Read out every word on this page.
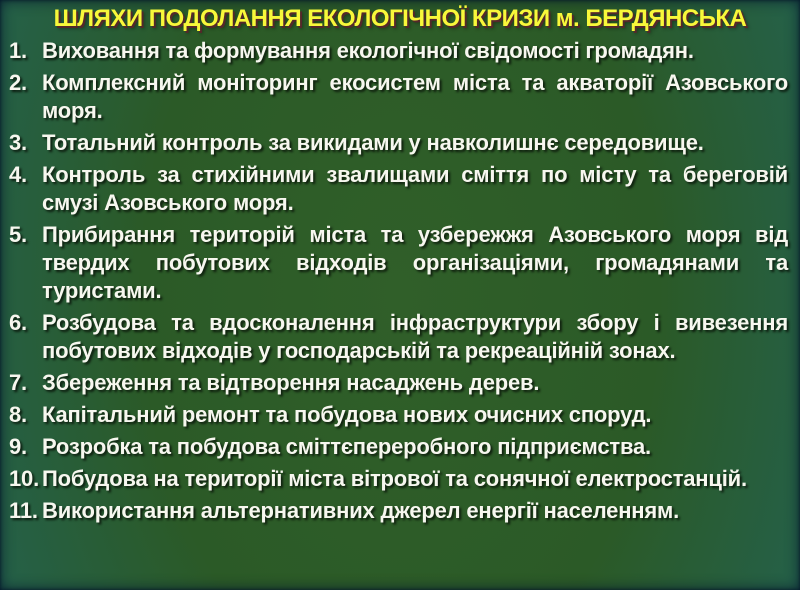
ШЛЯХИ ПОДОЛАННЯ ЕКОЛОГІЧНОЇ КРИЗИ м. БЕРДЯНСЬКА
1. Виховання та формування екологічної свідомості громадян.
2. Комплексний моніторинг екосистем міста та акваторії Азовського моря.
3. Тотальний контроль за викидами у навколишнє середовище.
4. Контроль за стихійними звалищами сміття по місту та береговій смузі Азовського моря.
5. Прибирання територій міста та узбережжя Азовського моря від твердих побутових відходів організаціями, громадянами та туристами.
6. Розбудова та вдосконалення інфраструктури збору і вивезення побутових відходів у господарській та рекреаційній зонах.
7. Збереження та відтворення насаджень дерев.
8. Капітальний ремонт та побудова нових очисних споруд.
9. Розробка та побудова сміттєпереробного підприємства.
10. Побудова на території міста вітрової та сонячної електростанцій.
11. Використання альтернативних джерел енергії населенням.
